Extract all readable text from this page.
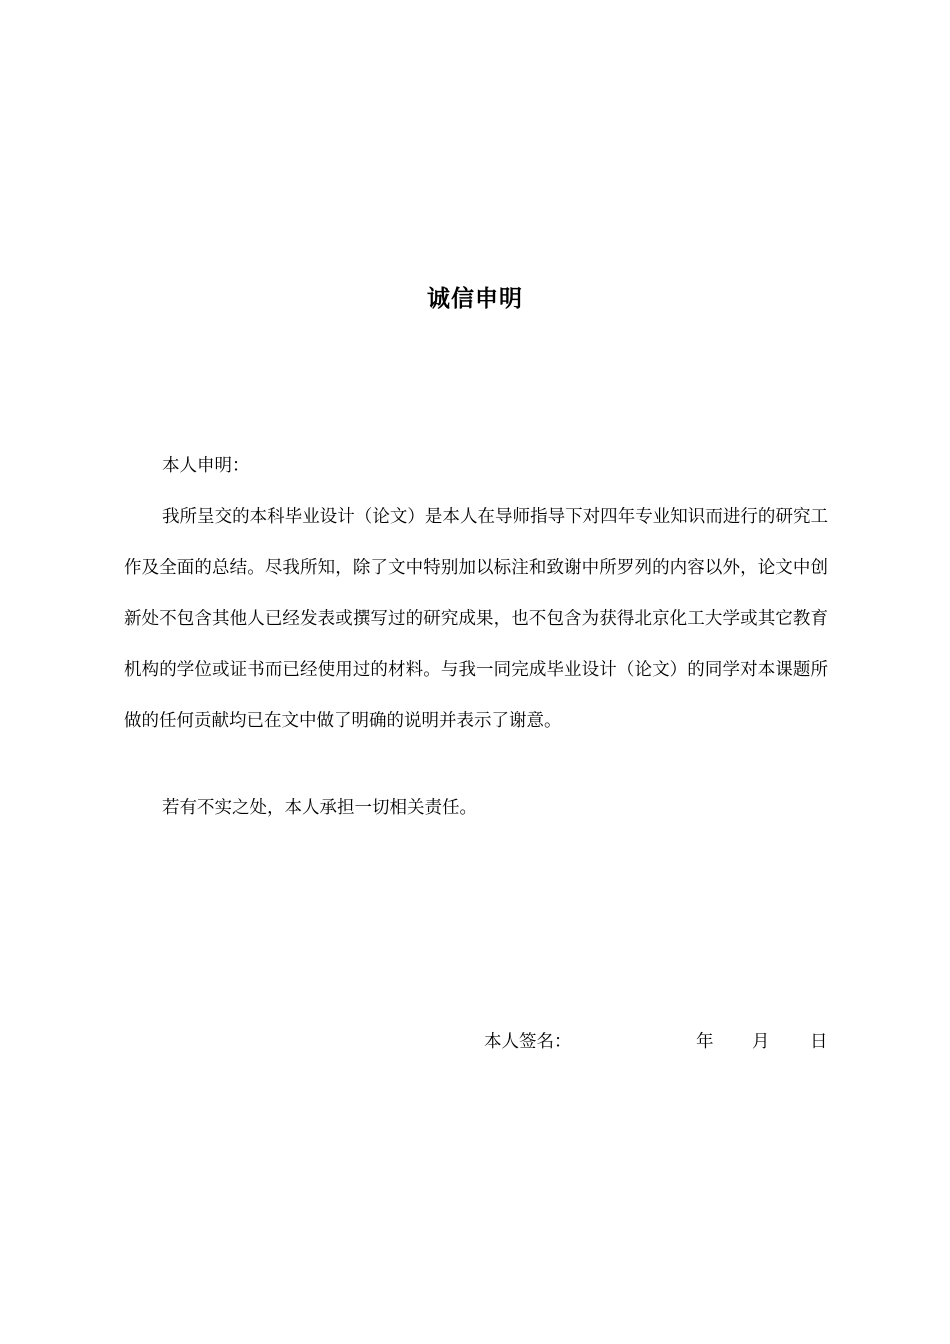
诚信申明
本人申明：
我所呈交的本科毕业设计（论文）是本人在导师指导下对四年专业知识而进行的研究工作及全面的总结。尽我所知，除了文中特别加以标注和致谢中所罗列的内容以外，论文中创新处不包含其他人已经发表或撰写过的研究成果，也不包含为获得北京化工大学或其它教育机构的学位或证书而已经使用过的材料。与我一同完成毕业设计（论文）的同学对本课题所做的任何贡献均已在文中做了明确的说明并表示了谢意。
若有不实之处，本人承担一切相关责任。
本人签名：	年 月 日
